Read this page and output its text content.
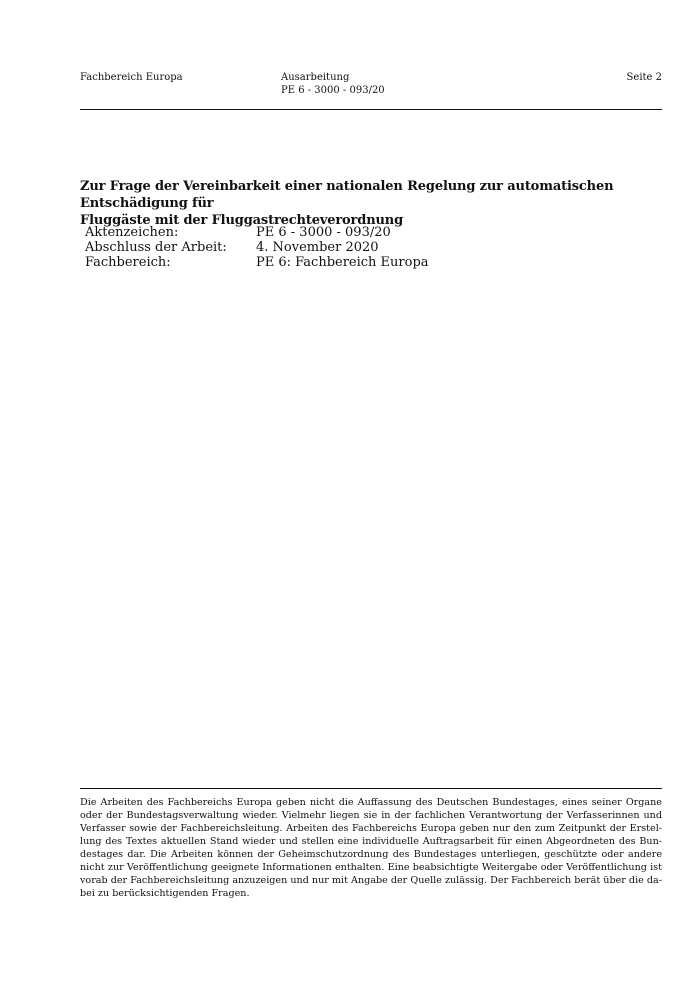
Fachbereich Europa	Ausarbeitung
PE 6 - 3000 - 093/20
Seite 2
Zur Frage der Vereinbarkeit einer nationalen Regelung zur automatischen Entschädigung für
Fluggäste mit der Fluggastrechteverordnung
Aktenzeichen:	PE 6 - 3000 - 093/20
Abschluss der Arbeit: 4. November 2020
Fachbereich:	PE 6: Fachbereich Europa
Die Arbeiten des Fachbereichs Europa geben nicht die Auffassung des Deutschen Bundestages, eines seiner Organe
oder der Bundestagsverwaltung wieder. Vielmehr liegen sie in der fachlichen Verantwortung der Verfasserinnen und
Verfasser sowie der Fachbereichsleitung. Arbeiten des Fachbereichs Europa geben nur den zum Zeitpunkt der Erstel-
lung des Textes aktuellen Stand wieder und stellen eine individuelle Auftragsarbeit für einen Abgeordneten des Bun-
destages dar. Die Arbeiten können der Geheimschutzordnung des Bundestages unterliegen, geschützte oder andere
nicht zur Veröffentlichung geeignete Informationen enthalten. Eine beabsichtigte Weitergabe oder Veröffentlichung ist
vorab der Fachbereichsleitung anzuzeigen und nur mit Angabe der Quelle zulässig. Der Fachbereich berät über die da-
bei zu berücksichtigenden Fragen.
